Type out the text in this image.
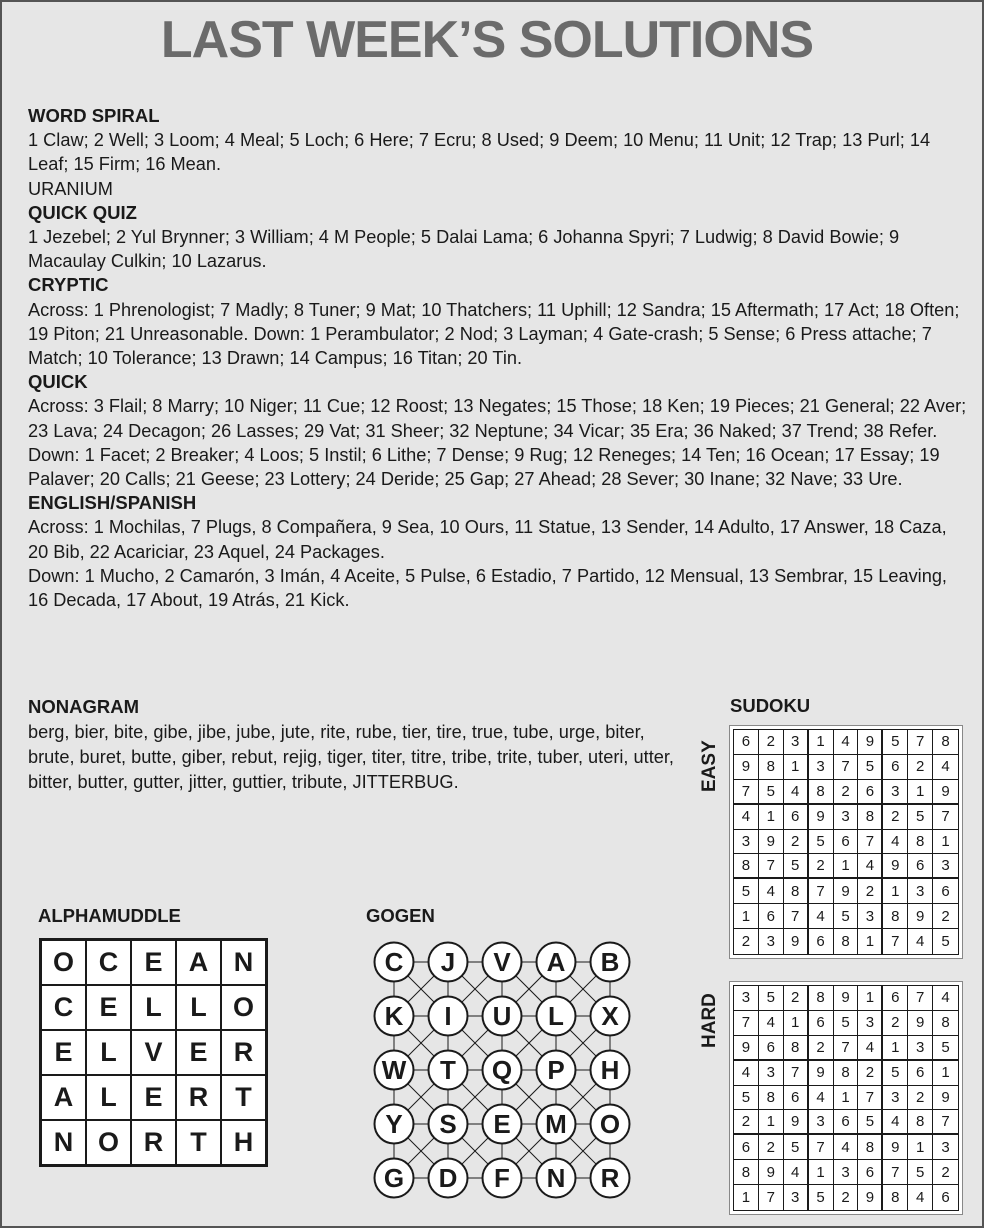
LAST WEEK’S SOLUTIONS
WORD SPIRAL

1 Claw; 2 Well; 3 Loom; 4 Meal; 5 Loch; 6 Here; 7 Ecru; 8 Used; 9 Deem; 10 Menu; 11 Unit; 12 Trap; 13 Purl; 14 Leaf; 15 Firm; 16 Mean.

URANIUM

QUICK QUIZ

1 Jezebel; 2 Yul Brynner; 3 William; 4 M People; 5 Dalai Lama; 6 Johanna Spyri; 7 Ludwig; 8 David Bowie; 9 Macaulay Culkin; 10 Lazarus.

CRYPTIC

Across: 1 Phrenologist; 7 Madly; 8 Tuner; 9 Mat; 10 Thatchers; 11 Uphill; 12 Sandra; 15 Aftermath; 17 Act; 18 Often; 19 Piton; 21 Unreasonable. Down: 1 Perambulator; 2 Nod; 3 Layman; 4 Gate-crash; 5 Sense; 6 Press attache; 7 Match; 10 Tolerance; 13 Drawn; 14 Campus; 16 Titan; 20 Tin.

QUICK

Across: 3 Flail; 8 Marry; 10 Niger; 11 Cue; 12 Roost; 13 Negates; 15 Those; 18 Ken; 19 Pieces; 21 General; 22 Aver; 23 Lava; 24 Decagon; 26 Lasses; 29 Vat; 31 Sheer; 32 Neptune; 34 Vicar; 35 Era; 36 Naked; 37 Trend; 38 Refer. Down: 1 Facet; 2 Breaker; 4 Loos; 5 Instil; 6 Lithe; 7 Dense; 9 Rug; 12 Reneges; 14 Ten; 16 Ocean; 17 Essay; 19 Palaver; 20 Calls; 21 Geese; 23 Lottery; 24 Deride; 25 Gap; 27 Ahead; 28 Sever; 30 Inane; 32 Nave; 33 Ure.

ENGLISH/SPANISH

Across: 1 Mochilas, 7 Plugs, 8 Compañera, 9 Sea, 10 Ours, 11 Statue, 13 Sender, 14 Adulto, 17 Answer, 18 Caza, 20 Bib, 22 Acariciar, 23 Aquel, 24 Packages.

Down: 1 Mucho, 2 Camarón, 3 Imán, 4 Aceite, 5 Pulse, 6 Estadio, 7 Partido, 12 Mensual, 13 Sembrar, 15 Leaving, 16 Decada, 17 About, 19 Atrás, 21 Kick.

NONAGRAM
berg, bier, bite, gibe, jibe, jube, jute, rite, rube, tier, tire, true, tube, urge, biter, brute, buret, butte, giber, rebut, rejig, tiger, titer, titre, tribe, trite, tuber, uteri, utter, bitter, butter, gutter, jitter, guttier, tribute, JITTERBUG.
ALPHAMUDDLE
O C E A N
C E	L	L O
E	L	V E R
A	L	E R	T
N O R	T	H
GOGEN
C J V A B
K I U L X
W T Q P H
Y S E M O
G D F N R
SUDOKU
EASY	6	2	3	1	4	9	5	7	8
9	8	1	3	7	5	6	2	4
7	5	4	8	2	6	3	1	9
4	1	6	9	3	8	2	5	7
3	9	2	5	6	7	4	8	1
8	7	5	2	1	4	9	6	3
5	4	8	7	9	2	1	3	6
1	6	7	4	5	3	8	9	2
2	3	9	6	8	1	7	4	5
HARD	3	5	2	8	9	1	6	7	4
7	4	1	6	5	3	2	9	8
9	6	8	2	7	4	1	3	5
4	3	7	9	8	2	5	6	1
5	8	6	4	1	7	3	2	9
2	1	9	3	6	5	4	8	7
6	2	5	7	4	8	9	1	3
8	9	4	1	3	6	7	5	2
1	7	3	5	2	9	8	4	6
